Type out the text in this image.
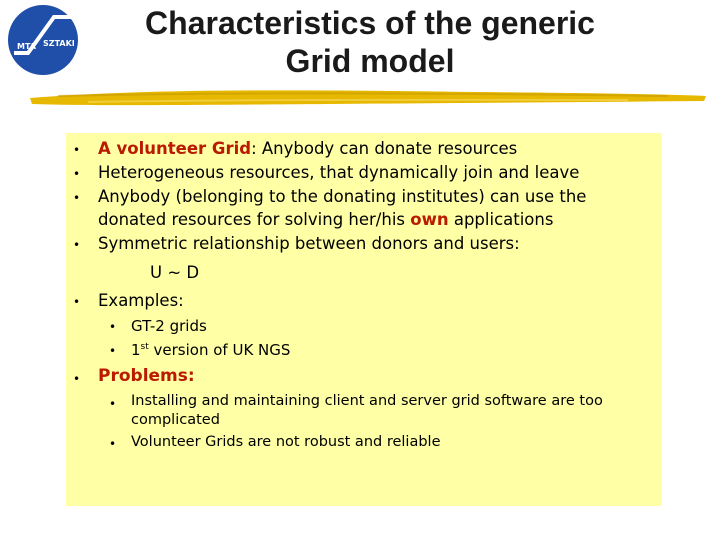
MTA SZTAKI
Characteristics of the generic
Grid model
• A volunteer Grid: Anybody can donate resources
• Heterogeneous resources, that dynamically join and leave
• Anybody (belonging to the donating institutes) can use the
donated resources for solving her/his own applications
• Symmetric relationship between donors and users:
U ~ D
• Examples:
• GT-2 grids
• 1st version of UK NGS
• Problems:
• Installing and maintaining client and server grid software are too
complicated
• Volunteer Grids are not robust and reliable
